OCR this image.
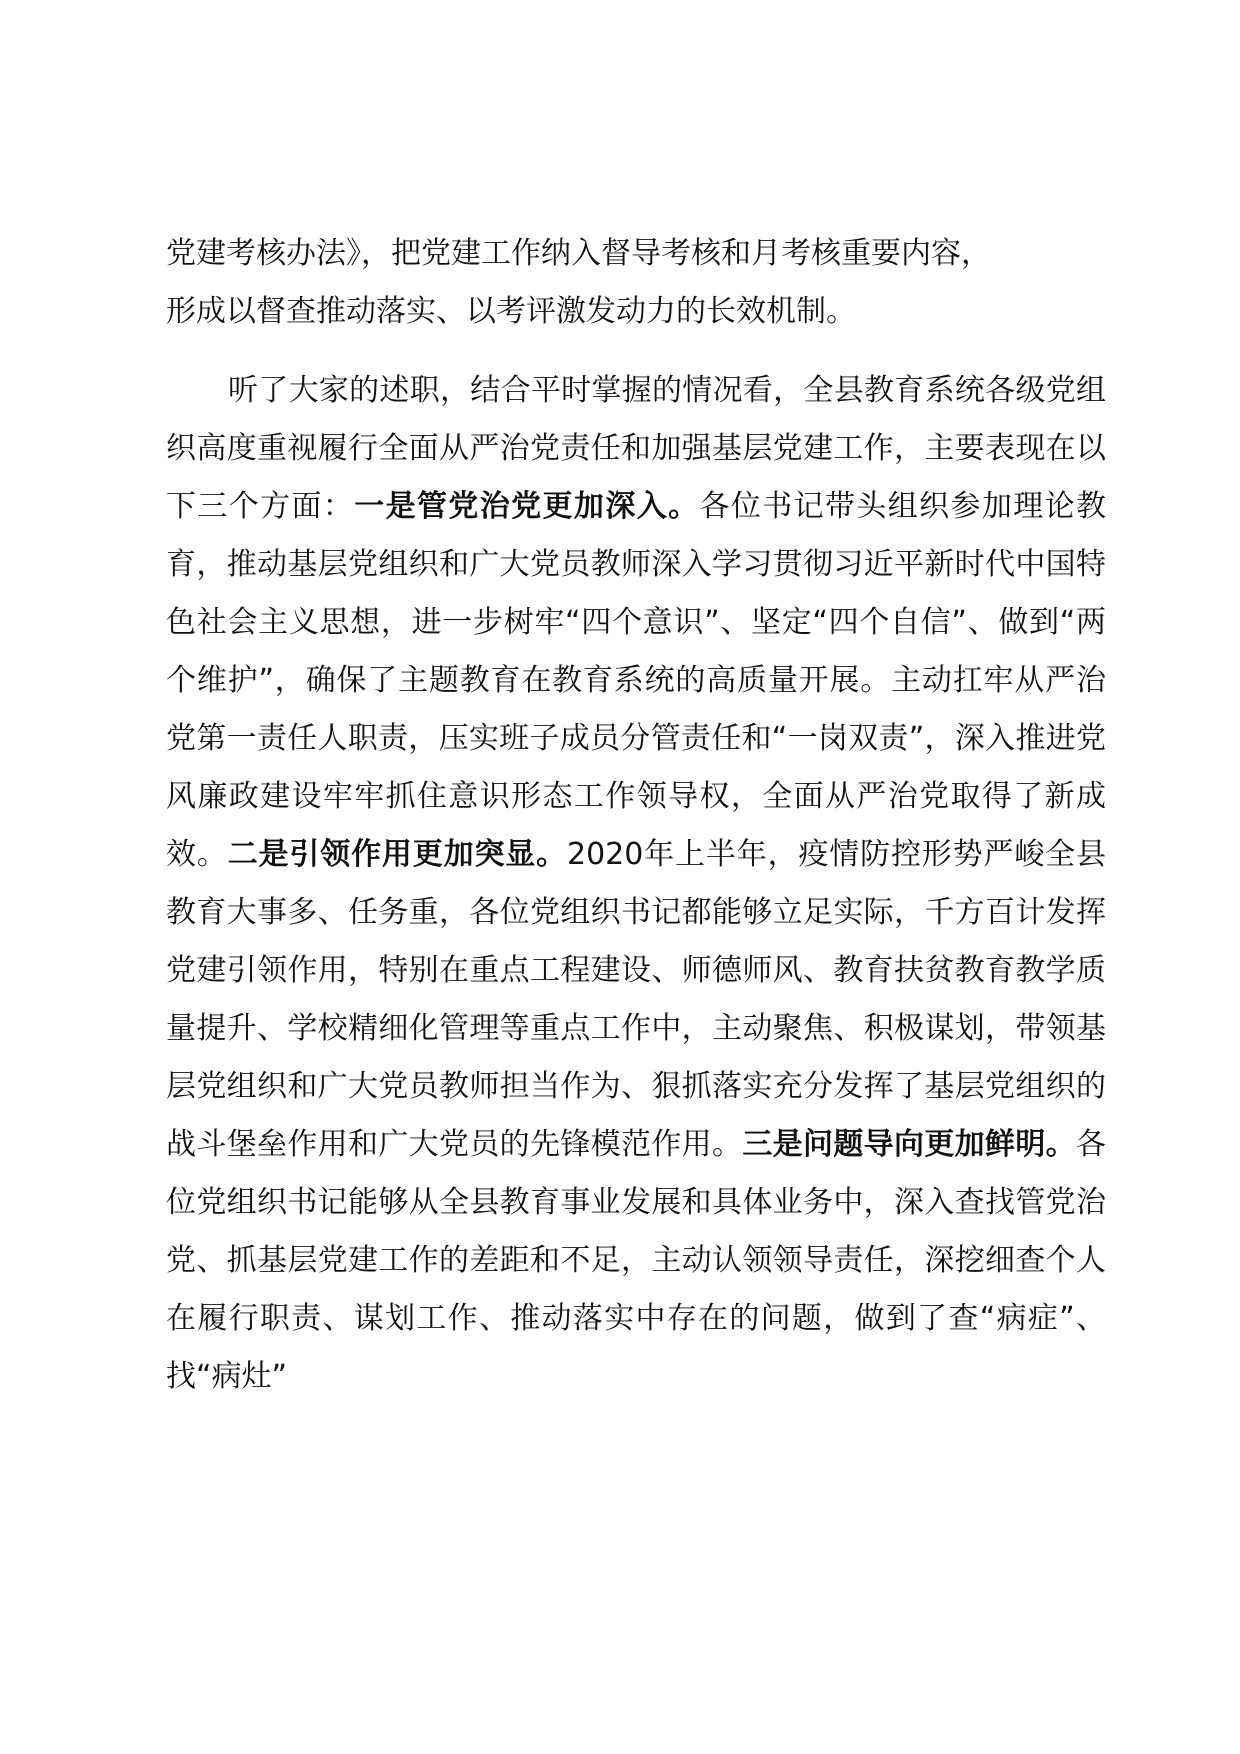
党建考核办法》，把党建工作纳入督导考核和月考核重要内容，
形成以督查推动落实、以考评激发动力的长效机制。
听了大家的述职，结合平时掌握的情况看，全县教育系统各级党组织高度重视履行全面从严治党责任和加强基层党建工作，主要表现在以下三个方面：一是管党治党更加深入。各位书记带头组织参加理论教育，推动基层党组织和广大党员教师深入学习贯彻习近平新时代中国特色社会主义思想，进一步树牢“四个意识”、坚定“四个自信”、做到“两个维护”，确保了主题教育在教育系统的高质量开展。主动扛牢从严治党第一责任人职责，压实班子成员分管责任和“一岗双责”，深入推进党风廉政建设牢牢抓住意识形态工作领导权，全面从严治党取得了新成效。二是引领作用更加突显。2020年上半年，疫情防控形势严峻全县教育大事多、任务重，各位党组织书记都能够立足实际，千方百计发挥党建引领作用，特别在重点工程建设、师德师风、教育扶贫教育教学质量提升、学校精细化管理等重点工作中，主动聚焦、积极谋划，带领基层党组织和广大党员教师担当作为、狠抓落实充分发挥了基层党组织的战斗堡垒作用和广大党员的先锋模范作用。三是问题导向更加鲜明。各位党组织书记能够从全县教育事业发展和具体业务中，深入查找管党治党、抓基层党建工作的差距和不足，主动认领领导责任，深挖细查个人在履行职责、谋划工作、推动落实中存在的问题，做到了查“病症”、找“病灶”
